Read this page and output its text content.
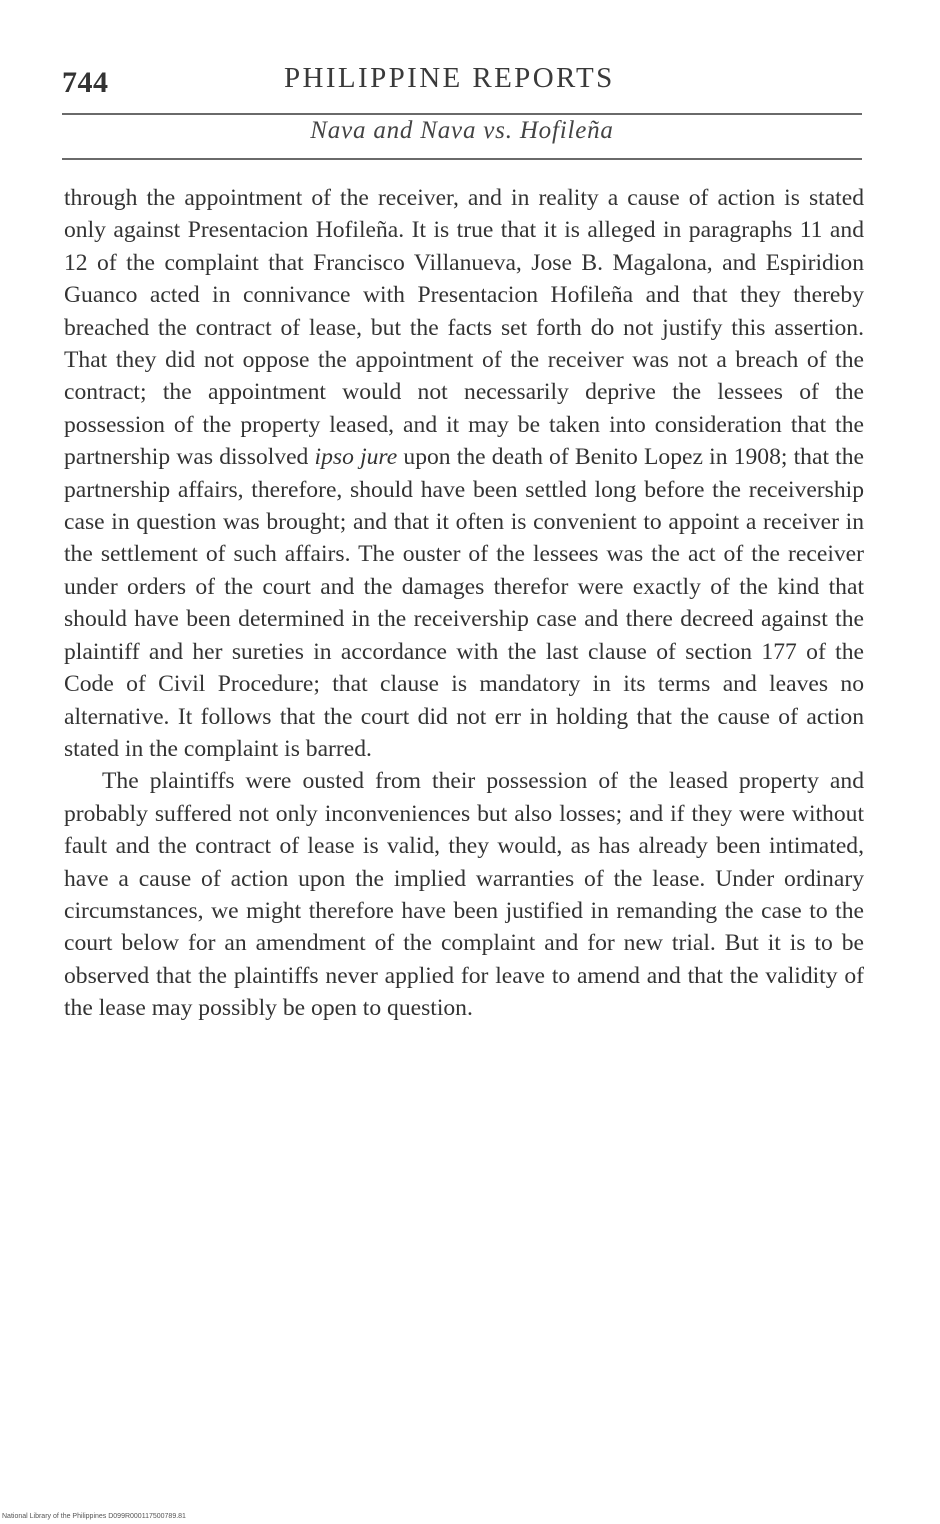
744	PHILIPPINE REPORTS
Nava and Nava vs. Hofileña

through the appointment of the receiver, and in reality a cause of action is stated only against Presentacion Hofileña. It is true that it is alleged in paragraphs 11 and 12 of the complaint that Francisco Villanueva, Jose B. Magalona, and Espiridion Guanco acted in connivance with Presentacion Hofileña and that they thereby breached the contract of lease, but the facts set forth do not justify this assertion. That they did not oppose the appointment of the receiver was not a breach of the contract; the appointment would not necessarily deprive the lessees of the possession of the property leased, and it may be taken into consideration that the partnership was dissolved ipso jure upon the death of Benito Lopez in 1908; that the partnership affairs, therefore, should have been settled long before the receivership case in question was brought; and that it often is convenient to appoint a receiver in the settlement of such affairs. The ouster of the lessees was the act of the receiver under orders of the court and the damages therefor were exactly of the kind that should have been determined in the receivership case and there decreed against the plaintiff and her sureties in accordance with the last clause of section 177 of the Code of Civil Procedure; that clause is mandatory in its terms and leaves no alternative. It follows that the court did not err in holding that the cause of action stated in the complaint is barred.

The plaintiffs were ousted from their possession of the leased property and probably suffered not only inconveniences but also losses; and if they were without fault and the contract of lease is valid, they would, as has already been intimated, have a cause of action upon the implied warranties of the lease. Under ordinary circumstances, we might therefore have been justified in remanding the case to the court below for an amendment of the complaint and for new trial. But it is to be observed that the plaintiffs never applied for leave to amend and that the validity of the lease may possibly be open to question.

National Library of the Philippines D099R000117500789.81
